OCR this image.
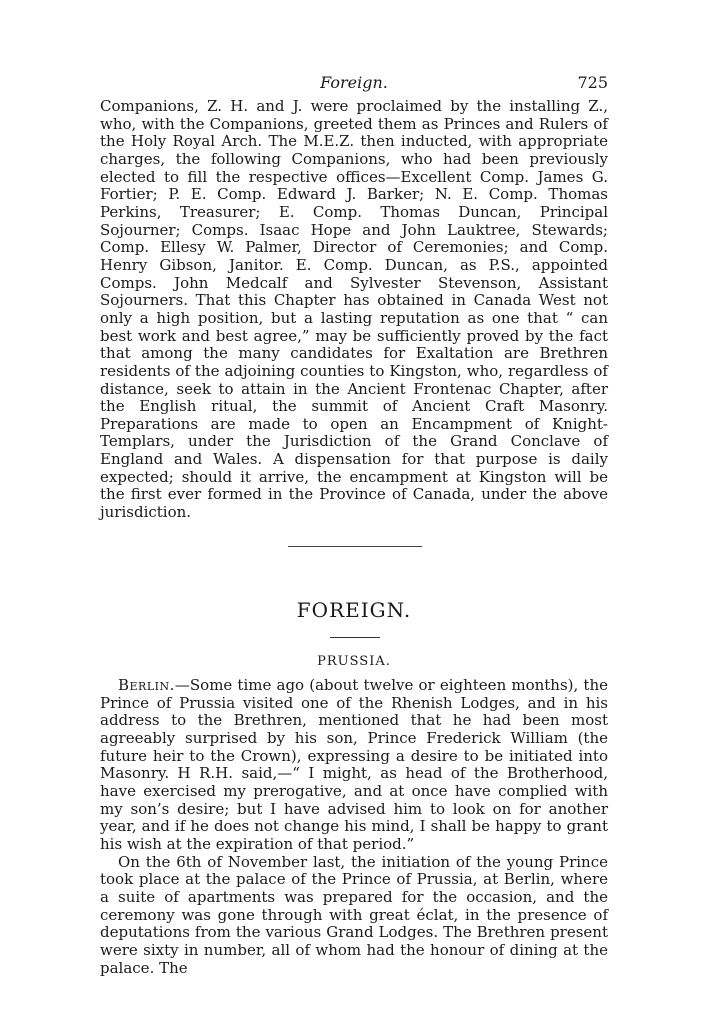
Foreign.	725

Companions, Z. H. and J. were proclaimed by the installing Z., who, with the Companions, greeted them as Princes and Rulers of the Holy Royal Arch. The M.E.Z. then inducted, with appropriate charges, the following Companions, who had been previously elected to fill the respective offices—Excellent Comp. James G. Fortier; P. E. Comp. Edward J. Barker; N. E. Comp. Thomas Perkins, Treasurer; E. Comp. Thomas Duncan, Principal Sojourner; Comps. Isaac Hope and John Lauktree, Stewards; Comp. Ellesy W. Palmer, Director of Ceremonies; and Comp. Henry Gibson, Janitor. E. Comp. Duncan, as P.S., appointed Comps. John Medcalf and Sylvester Stevenson, Assistant Sojourners. That this Chapter has obtained in Canada West not only a high position, but a lasting reputation as one that “ can best work and best agree,” may be sufficiently proved by the fact that among the many candidates for Exaltation are Brethren residents of the adjoining counties to Kingston, who, regardless of distance, seek to attain in the Ancient Frontenac Chapter, after the English ritual, the summit of Ancient Craft Masonry. Preparations are made to open an Encampment of Knight-Templars, under the Jurisdiction of the Grand Conclave of England and Wales. A dispensation for that purpose is daily expected; should it arrive, the encampment at Kingston will be the first ever formed in the Province of Canada, under the above jurisdiction.

FOREIGN.
PRUSSIA.

Berlin.—Some time ago (about twelve or eighteen months), the Prince of Prussia visited one of the Rhenish Lodges, and in his address to the Brethren, mentioned that he had been most agreeably surprised by his son, Prince Frederick William (the future heir to the Crown), expressing a desire to be initiated into Masonry. H R.H. said,—“ I might, as head of the Brotherhood, have exercised my prerogative, and at once have complied with my son’s desire; but I have advised him to look on for another year, and if he does not change his mind, I shall be happy to grant his wish at the expiration of that period.”

On the 6th of November last, the initiation of the young Prince took place at the palace of the Prince of Prussia, at Berlin, where a suite of apartments was prepared for the occasion, and the ceremony was gone through with great éclat, in the presence of deputations from the various Grand Lodges. The Brethren present were sixty in number, all of whom had the honour of dining at the palace. The
